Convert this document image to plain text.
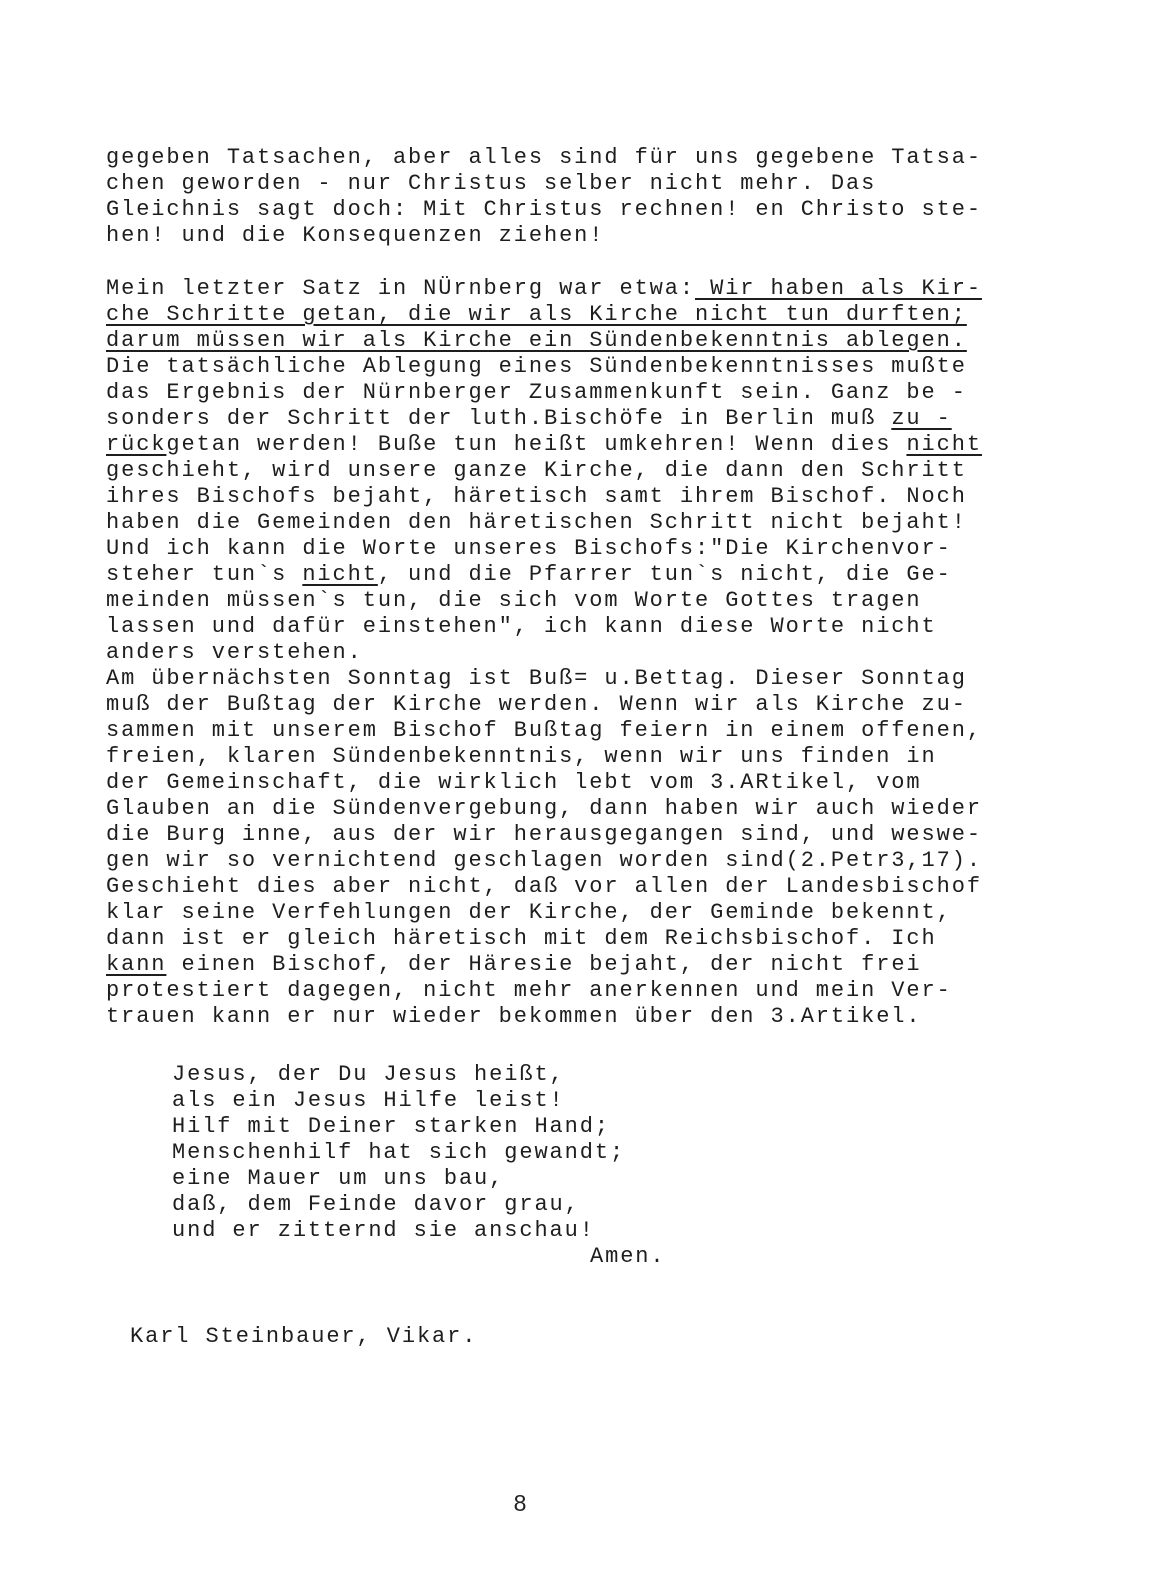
gegeben Tatsachen, aber alles sind für uns gegebene Tatsa-
chen geworden - nur Christus selber nicht mehr. Das
Gleichnis sagt doch: Mit Christus rechnen! en Christo ste-
hen! und die Konsequenzen ziehen!
Mein letzter Satz in NÜrnberg war etwa: Wir haben als Kir-
che Schritte getan, die wir als Kirche nicht tun durften;
darum müssen wir als Kirche ein Sündenbekenntnis ablegen.
Die tatsächliche Ablegung eines Sündenbekenntnisses mußte
das Ergebnis der Nürnberger Zusammenkunft sein. Ganz be -
sonders der Schritt der luth.Bischöfe in Berlin muß zu -
rückgetan werden! Buße tun heißt umkehren! Wenn dies nicht
geschieht, wird unsere ganze Kirche, die dann den Schritt
ihres Bischofs bejaht, häretisch samt ihrem Bischof. Noch
haben die Gemeinden den häretischen Schritt nicht bejaht!
Und ich kann die Worte unseres Bischofs:"Die Kirchenvor-
steher tun`s nicht, und die Pfarrer tun`s nicht, die Ge-
meinden müssen`s tun, die sich vom Worte Gottes tragen
lassen und dafür einstehen", ich kann diese Worte nicht
anders verstehen.
Am übernächsten Sonntag ist Buß= u.Bettag. Dieser Sonntag
muß der Bußtag der Kirche werden. Wenn wir als Kirche zu-
sammen mit unserem Bischof Bußtag feiern in einem offenen,
freien, klaren Sündenbekenntnis, wenn wir uns finden in
der Gemeinschaft, die wirklich lebt vom 3.ARtikel, vom
Glauben an die Sündenvergebung, dann haben wir auch wieder
die Burg inne, aus der wir herausgegangen sind, und weswe-
gen wir so vernichtend geschlagen worden sind(2.Petr3,17).
Geschieht dies aber nicht, daß vor allen der Landesbischof
klar seine Verfehlungen der Kirche, der Geminde bekennt,
dann ist er gleich häretisch mit dem Reichsbischof. Ich
kann einen Bischof, der Häresie bejaht, der nicht frei
protestiert dagegen, nicht mehr anerkennen und mein Ver-
trauen kann er nur wieder bekommen über den 3.Artikel.
Jesus, der Du Jesus heißt,
als ein Jesus Hilfe leist!
Hilf mit Deiner starken Hand;
Menschenhilf hat sich gewandt;
eine Mauer um uns bau,
daß, dem Feinde davor grau,
und er zitternd sie anschau!
Amen.
Karl Steinbauer, Vikar.
8
